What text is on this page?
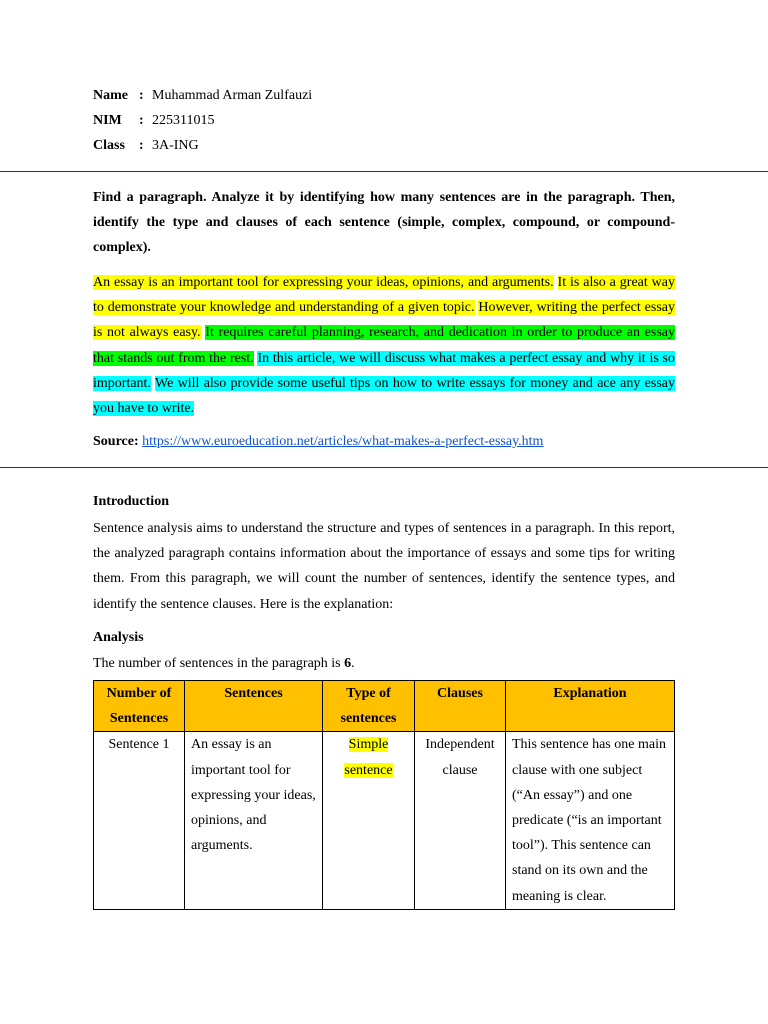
Name : Muhammad Arman Zulfauzi
NIM	: 225311015
Class	: 3A-ING
Find a paragraph. Analyze it by identifying how many sentences are in the paragraph. Then, identify the type and clauses of each sentence (simple, complex, compound, or compound-complex).
An essay is an important tool for expressing your ideas, opinions, and arguments. It is also a great way to demonstrate your knowledge and understanding of a given topic. However, writing the perfect essay is not always easy. It requires careful planning, research, and dedication in order to produce an essay that stands out from the rest. In this article, we will discuss what makes a perfect essay and why it is so important. We will also provide some useful tips on how to write essays for money and ace any essay you have to write.
Source: https://www.euroeducation.net/articles/what-makes-a-perfect-essay.htm
Introduction

Sentence analysis aims to understand the structure and types of sentences in a paragraph. In this report, the analyzed paragraph contains information about the importance of essays and some tips for writing them. From this paragraph, we will count the number of sentences, identify the sentence types, and identify the sentence clauses. Here is the explanation:

Analysis

The number of sentences in the paragraph is 6.

Number of Sentences	Sentences	Type of sentences	Clauses	Explanation
Sentence 1	An essay is an important tool for expressing your ideas, opinions, and arguments.	Simple sentence	Independent clause	This sentence has one main clause with one subject (“An essay”) and one predicate (“is an important tool”). This sentence can stand on its own and the meaning is clear.
